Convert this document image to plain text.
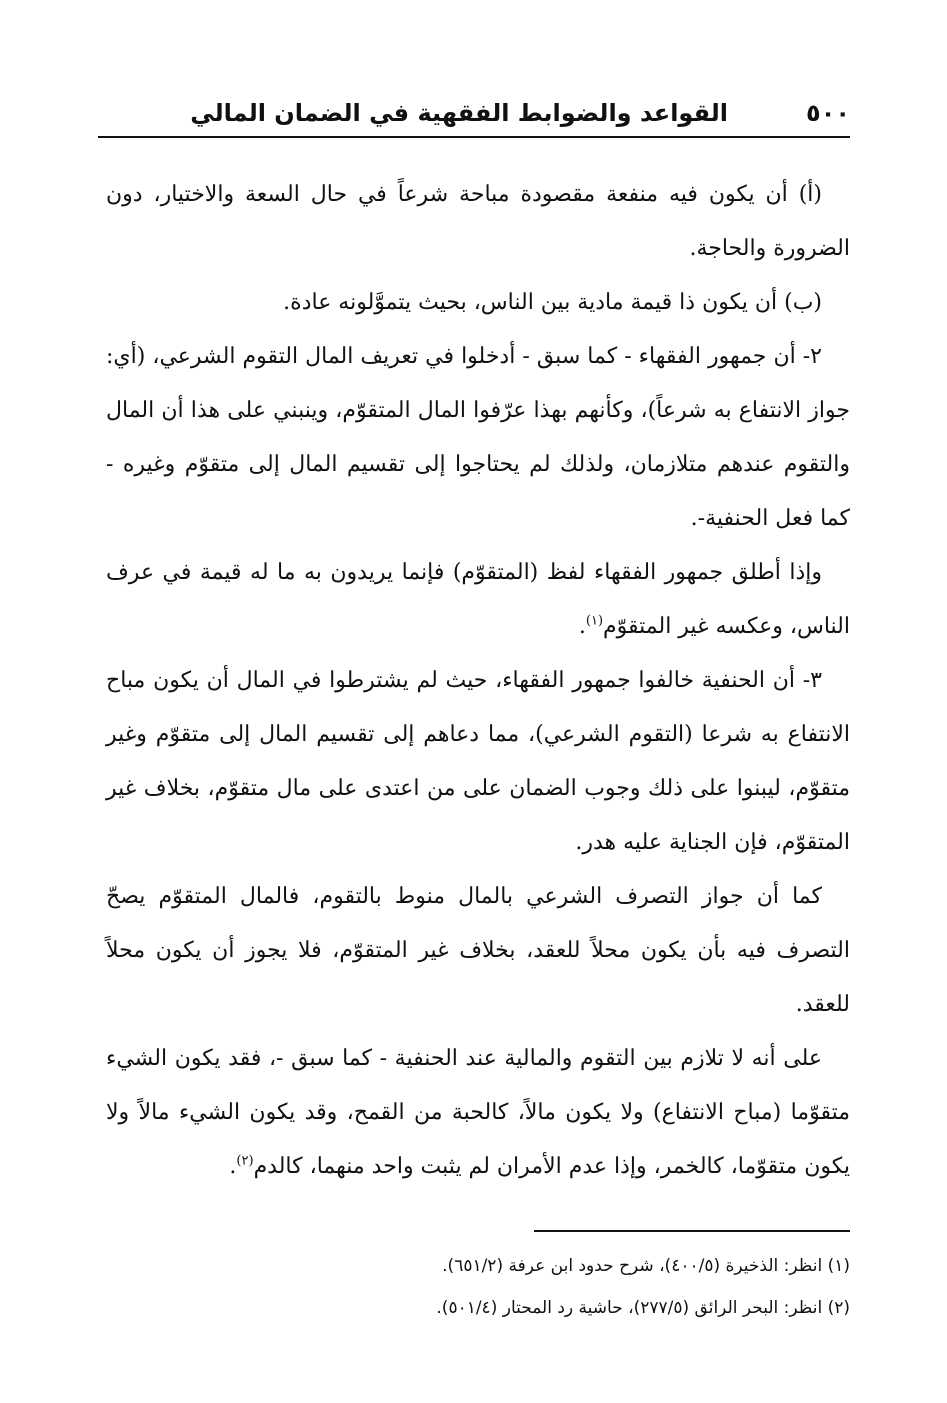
٥٠٠
القواعد والضوابط الفقهية في الضمان المالي

(أ) أن يكون فيه منفعة مقصودة مباحة شرعاً في حال السعة والاختيار، دون الضرورة والحاجة.

(ب) أن يكون ذا قيمة مادية بين الناس، بحيث يتموَّلونه عادة.

٢- أن جمهور الفقهاء - كما سبق - أدخلوا في تعريف المال التقوم الشرعي، (أي: جواز الانتفاع به شرعاً)، وكأنهم بهذا عرّفوا المال المتقوّم، وينبني على هذا أن المال والتقوم عندهم متلازمان، ولذلك لم يحتاجوا إلى تقسيم المال إلى متقوّم وغيره - كما فعل الحنفية-.

وإذا أطلق جمهور الفقهاء لفظ (المتقوّم) فإنما يريدون به ما له قيمة في عرف الناس، وعكسه غير المتقوّم$^{(١)}$.

٣- أن الحنفية خالفوا جمهور الفقهاء، حيث لم يشترطوا في المال أن يكون مباح الانتفاع به شرعا (التقوم الشرعي)، مما دعاهم إلى تقسيم المال إلى متقوّم وغير متقوّم، ليبنوا على ذلك وجوب الضمان على من اعتدى على مال متقوّم، بخلاف غير المتقوّم، فإن الجناية عليه هدر.

كما أن جواز التصرف الشرعي بالمال منوط بالتقوم، فالمال المتقوّم يصحّ التصرف فيه بأن يكون محلاً للعقد، بخلاف غير المتقوّم، فلا يجوز أن يكون محلاً للعقد.

على أنه لا تلازم بين التقوم والمالية عند الحنفية - كما سبق -، فقد يكون الشيء متقوّما (مباح الانتفاع) ولا يكون مالاً، كالحبة من القمح، وقد يكون الشيء مالاً ولا يكون متقوّما، كالخمر، وإذا عدم الأمران لم يثبت واحد منهما، كالدم$^{(٢)}$.

(١) انظر: الذخيرة (٤٠٠/٥)، شرح حدود ابن عرفة (٦٥١/٢).

(٢) انظر: البحر الرائق (٢٧٧/٥)، حاشية رد المحتار (٥٠١/٤).
